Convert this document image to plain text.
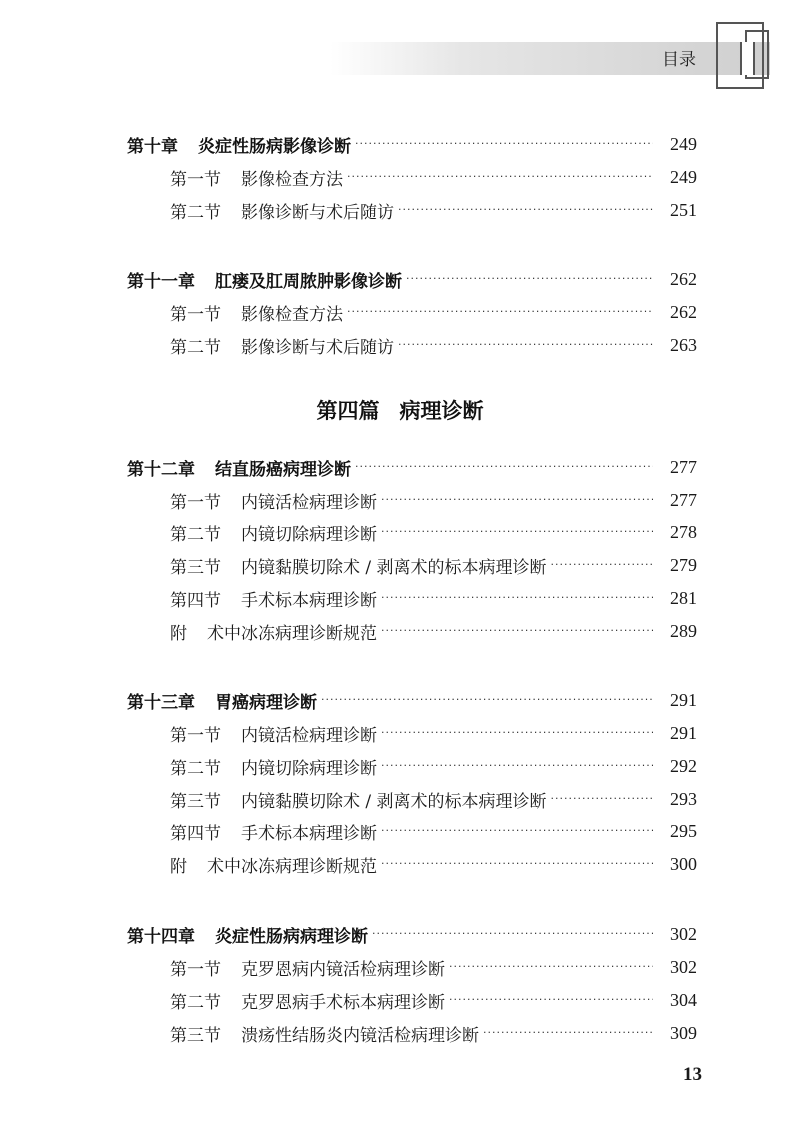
目录
第十章 炎症性肠病影像诊断 ·····	249
第一节 影像检查方法 ·····	249
第二节 影像诊断与术后随访 ·····	251
第十一章 肛瘘及肛周脓肿影像诊断 ·····	262
第一节 影像检查方法 ·····	262
第二节 影像诊断与术后随访 ·····	263
第四篇 病理诊断
第十二章 结直肠癌病理诊断 ·····	277
第一节 内镜活检病理诊断 ·····	277
第二节 内镜切除病理诊断 ·····	278
第三节 内镜黏膜切除术 / 剥离术的标本病理诊断 ·····	279
第四节 手术标本病理诊断 ·····	281
附 术中冰冻病理诊断规范 ·····	289
第十三章 胃癌病理诊断 ·····	291
第一节 内镜活检病理诊断 ·····	291
第二节 内镜切除病理诊断 ·····	292
第三节 内镜黏膜切除术 / 剥离术的标本病理诊断 ·····	293
第四节 手术标本病理诊断 ·····	295
附 术中冰冻病理诊断规范 ·····	300
第十四章 炎症性肠病病理诊断 ·····	302
第一节 克罗恩病内镜活检病理诊断 ·····	302
第二节 克罗恩病手术标本病理诊断 ·····	304
第三节 溃疡性结肠炎内镜活检病理诊断 ·····	309
13
